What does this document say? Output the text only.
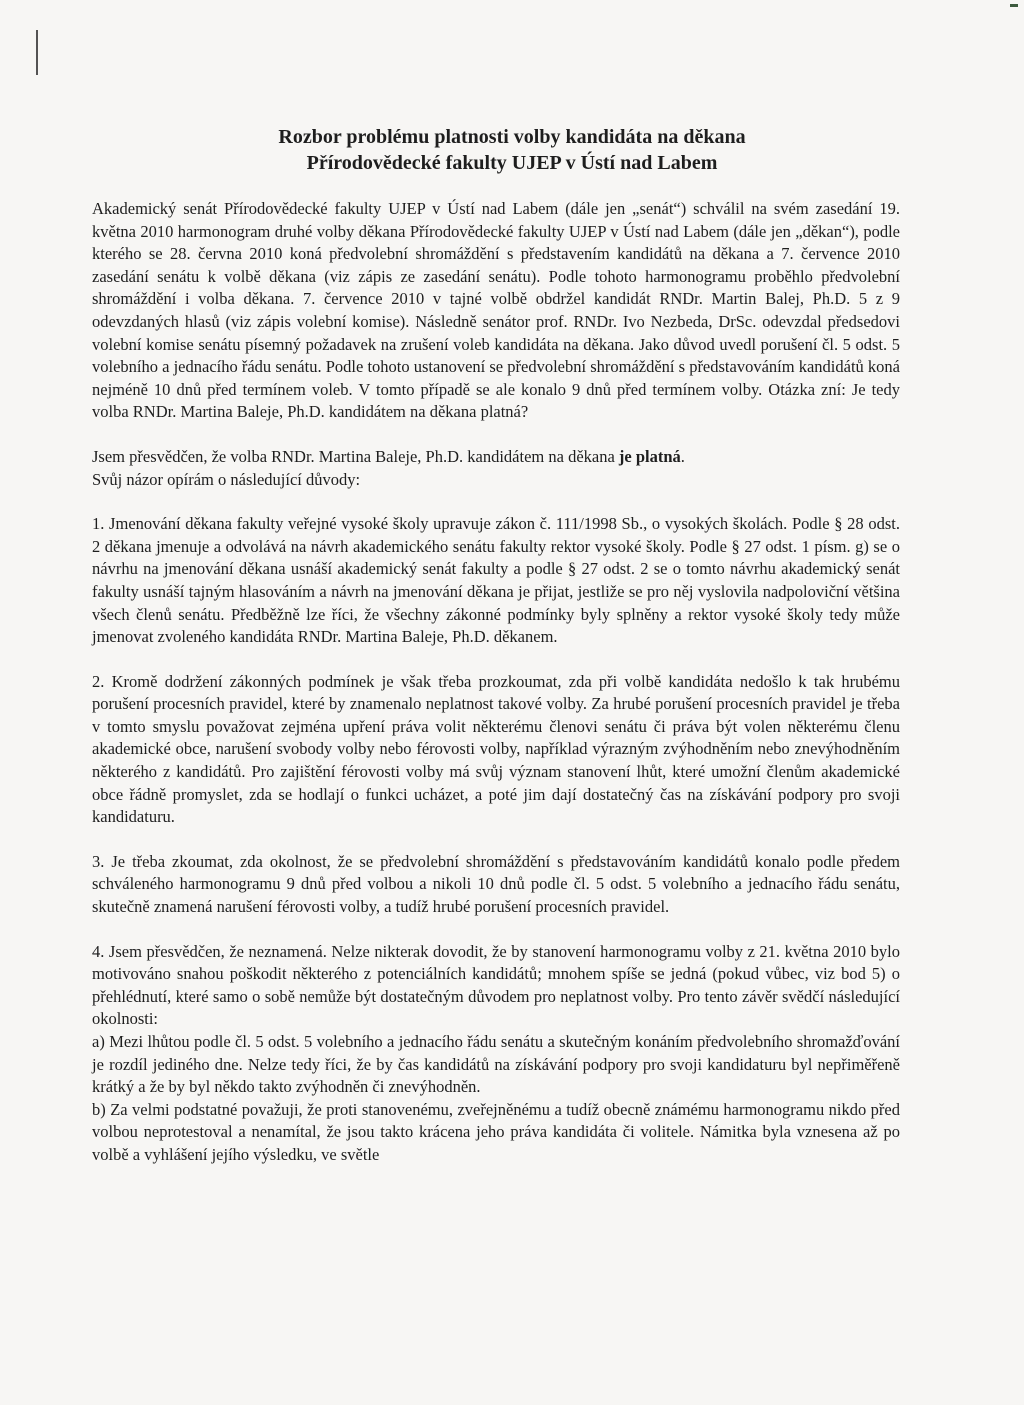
Rozbor problému platnosti volby kandidáta na děkana
Přírodovědecké fakulty UJEP v Ústí nad Labem

Akademický senát Přírodovědecké fakulty UJEP v Ústí nad Labem (dále jen „senát“) schválil na svém zasedání 19. května 2010 harmonogram druhé volby děkana Přírodovědecké fakulty UJEP v Ústí nad Labem (dále jen „děkan“), podle kterého se 28. června 2010 koná předvolební shromáždění s představením kandidátů na děkana a 7. července 2010 zasedání senátu k volbě děkana (viz zápis ze zasedání senátu). Podle tohoto harmonogramu proběhlo předvolební shromáždění i volba děkana. 7. července 2010 v tajné volbě obdržel kandidát RNDr. Martin Balej, Ph.D. 5 z 9 odevzdaných hlasů (viz zápis volební komise). Následně senátor prof. RNDr. Ivo Nezbeda, DrSc. odevzdal předsedovi volební komise senátu písemný požadavek na zrušení voleb kandidáta na děkana. Jako důvod uvedl porušení čl. 5 odst. 5 volebního a jednacího řádu senátu. Podle tohoto ustanovení se předvolební shromáždění s představováním kandidátů koná nejméně 10 dnů před termínem voleb. V tomto případě se ale konalo 9 dnů před termínem volby. Otázka zní: Je tedy volba RNDr. Martina Baleje, Ph.D. kandidátem na děkana platná?

Jsem přesvědčen, že volba RNDr. Martina Baleje, Ph.D. kandidátem na děkana je platná.

Svůj názor opírám o následující důvody:

1. Jmenování děkana fakulty veřejné vysoké školy upravuje zákon č. 111/1998 Sb., o vysokých školách. Podle § 28 odst. 2 děkana jmenuje a odvolává na návrh akademického senátu fakulty rektor vysoké školy. Podle § 27 odst. 1 písm. g) se o návrhu na jmenování děkana usnáší akademický senát fakulty a podle § 27 odst. 2 se o tomto návrhu akademický senát fakulty usnáší tajným hlasováním a návrh na jmenování děkana je přijat, jestliže se pro něj vyslovila nadpoloviční většina všech členů senátu. Předběžně lze říci, že všechny zákonné podmínky byly splněny a rektor vysoké školy tedy může jmenovat zvoleného kandidáta RNDr. Martina Baleje, Ph.D. děkanem.

2. Kromě dodržení zákonných podmínek je však třeba prozkoumat, zda při volbě kandidáta nedošlo k tak hrubému porušení procesních pravidel, které by znamenalo neplatnost takové volby. Za hrubé porušení procesních pravidel je třeba v tomto smyslu považovat zejména upření práva volit některému členovi senátu či práva být volen některému členu akademické obce, narušení svobody volby nebo férovosti volby, například výrazným zvýhodněním nebo znevýhodněním některého z kandidátů. Pro zajištění férovosti volby má svůj význam stanovení lhůt, které umožní členům akademické obce řádně promyslet, zda se hodlají o funkci ucházet, a poté jim dají dostatečný čas na získávání podpory pro svoji kandidaturu.

3. Je třeba zkoumat, zda okolnost, že se předvolební shromáždění s představováním kandidátů konalo podle předem schváleného harmonogramu 9 dnů před volbou a nikoli 10 dnů podle čl. 5 odst. 5 volebního a jednacího řádu senátu, skutečně znamená narušení férovosti volby, a tudíž hrubé porušení procesních pravidel.

4. Jsem přesvědčen, že neznamená. Nelze nikterak dovodit, že by stanovení harmonogramu volby z 21. května 2010 bylo motivováno snahou poškodit některého z potenciálních kandidátů; mnohem spíše se jedná (pokud vůbec, viz bod 5) o přehlédnutí, které samo o sobě nemůže být dostatečným důvodem pro neplatnost volby. Pro tento závěr svědčí následující okolnosti:

a) Mezi lhůtou podle čl. 5 odst. 5 volebního a jednacího řádu senátu a skutečným konáním předvolebního shromažďování je rozdíl jediného dne. Nelze tedy říci, že by čas kandidátů na získávání podpory pro svoji kandidaturu byl nepřiměřeně krátký a že by byl někdo takto zvýhodněn či znevýhodněn.

b) Za velmi podstatné považuji, že proti stanovenému, zveřejněnému a tudíž obecně známému harmonogramu nikdo před volbou neprotestoval a nenamítal, že jsou takto krácena jeho práva kandidáta či volitele. Námitka byla vznesena až po volbě a vyhlášení jejího výsledku, ve světle
